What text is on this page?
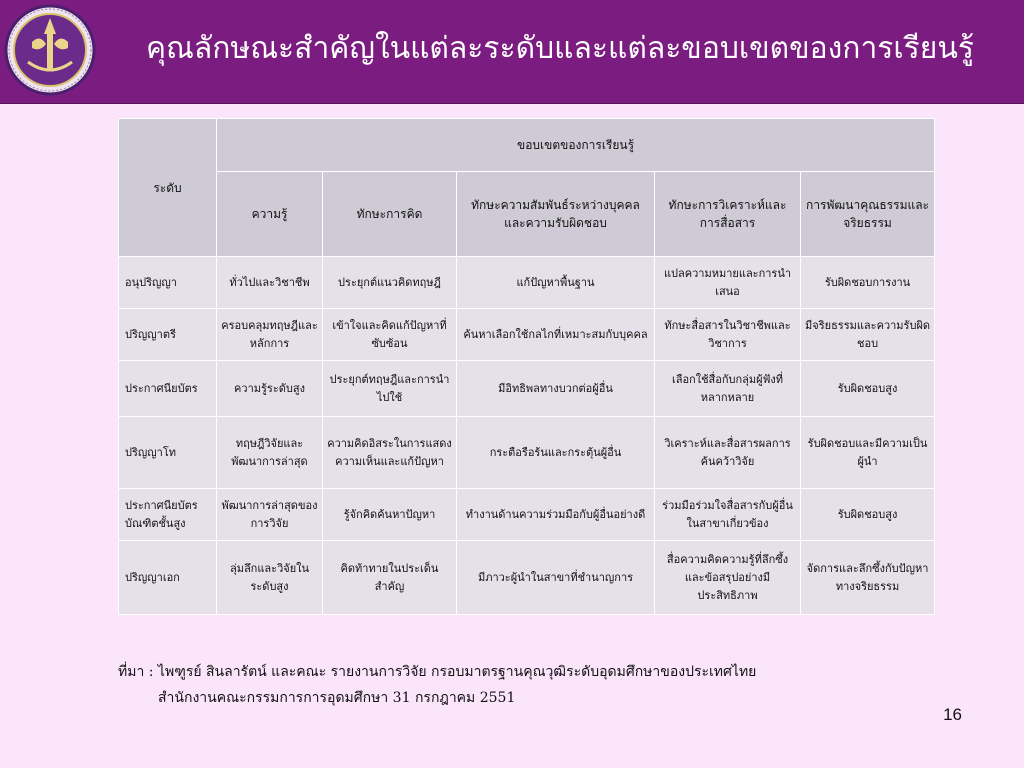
คุณลักษณะสำคัญในแต่ละระดับและแต่ละขอบเขตของการเรียนรู้
ระดับ	ขอบเขตของการเรียนรู้				
	ความรู้	ทักษะการคิด	ทักษะความสัมพันธ์ระหว่างบุคคลและความรับผิดชอบ	ทักษะการวิเคราะห์และการสื่อสาร	การพัฒนาคุณธรรมและจริยธรรม
อนุปริญญา	ทั่วไปและวิชาชีพ	ประยุกต์แนวคิดทฤษฎี	แก้ปัญหาพื้นฐาน	แปลความหมายและการนำเสนอ	รับผิดชอบการงาน
ปริญญาตรี	ครอบคลุมทฤษฎีและหลักการ	เข้าใจและคิดแก้ปัญหาที่ซับซ้อน	ค้นหาเลือกใช้กลไกที่เหมาะสมกับบุคคล	ทักษะสื่อสารในวิชาชีพและวิชาการ	มีจริยธรรมและความรับผิดชอบ
ประกาศนียบัตร	ความรู้ระดับสูง	ประยุกต์ทฤษฎีและการนำไปใช้	มีอิทธิพลทางบวกต่อผู้อื่น	เลือกใช้สื่อกับกลุ่มผู้ฟังที่หลากหลาย	รับผิดชอบสูง
ปริญญาโท	ทฤษฎีวิจัยและพัฒนาการล่าสุด	ความคิดอิสระในการแสดงความเห็นและแก้ปัญหา	กระตือรือร้นและกระตุ้นผู้อื่น	วิเคราะห์และสื่อสารผลการค้นคว้าวิจัย	รับผิดชอบและมีความเป็นผู้นำ
ประกาศนียบัตรบัณฑิตชั้นสูง	พัฒนาการล่าสุดของการวิจัย	รู้จักคิดค้นหาปัญหา	ทำงานด้านความร่วมมือกับผู้อื่นอย่างดี	ร่วมมือร่วมใจสื่อสารกับผู้อื่นในสาขาเกี่ยวข้อง	รับผิดชอบสูง
ปริญญาเอก	ลุ่มลึกและวิจัยในระดับสูง	คิดท้าทายในประเด็นสำคัญ	มีภาวะผู้นำในสาขาที่ชำนาญการ	สื่อความคิดความรู้ที่ลึกซึ้งและข้อสรุปอย่างมีประสิทธิภาพ	จัดการและลึกซึ้งกับปัญหาทางจริยธรรม
ที่มา : ไพฑูรย์ สินลารัตน์ และคณะ รายงานการวิจัย กรอบมาตรฐานคุณวุฒิระดับอุดมศึกษาของประเทศไทย
สำนักงานคณะกรรมการการอุดมศึกษา 31 กรกฎาคม 2551
16
